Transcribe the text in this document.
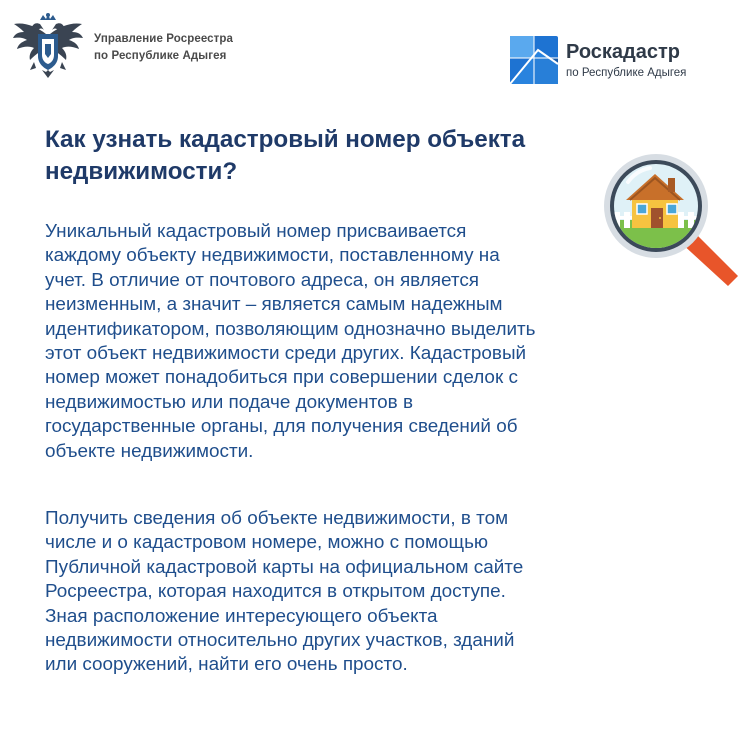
Управление Росреестра
по Республике Адыгея	Роскадастр
по Республике Адыгея
Как узнать кадастровый номер объекта
недвижимости?

Уникальный кадастровый номер присваивается
каждому объекту недвижимости, поставленному на
учет. В отличие от почтового адреса, он является
неизменным, а значит – является самым надежным
идентификатором, позволяющим однозначно выделить
этот объект недвижимости среди других. Кадастровый
номер может понадобиться при совершении сделок с
недвижимостью или подаче документов в
государственные органы, для получения сведений об
объекте недвижимости.

Получить сведения об объекте недвижимости, в том
числе и о кадастровом номере, можно с помощью
Публичной кадастровой карты на официальном сайте
Росреестра, которая находится в открытом доступе.
Зная расположение интересующего объекта
недвижимости относительно других участков, зданий
или сооружений, найти его очень просто.
